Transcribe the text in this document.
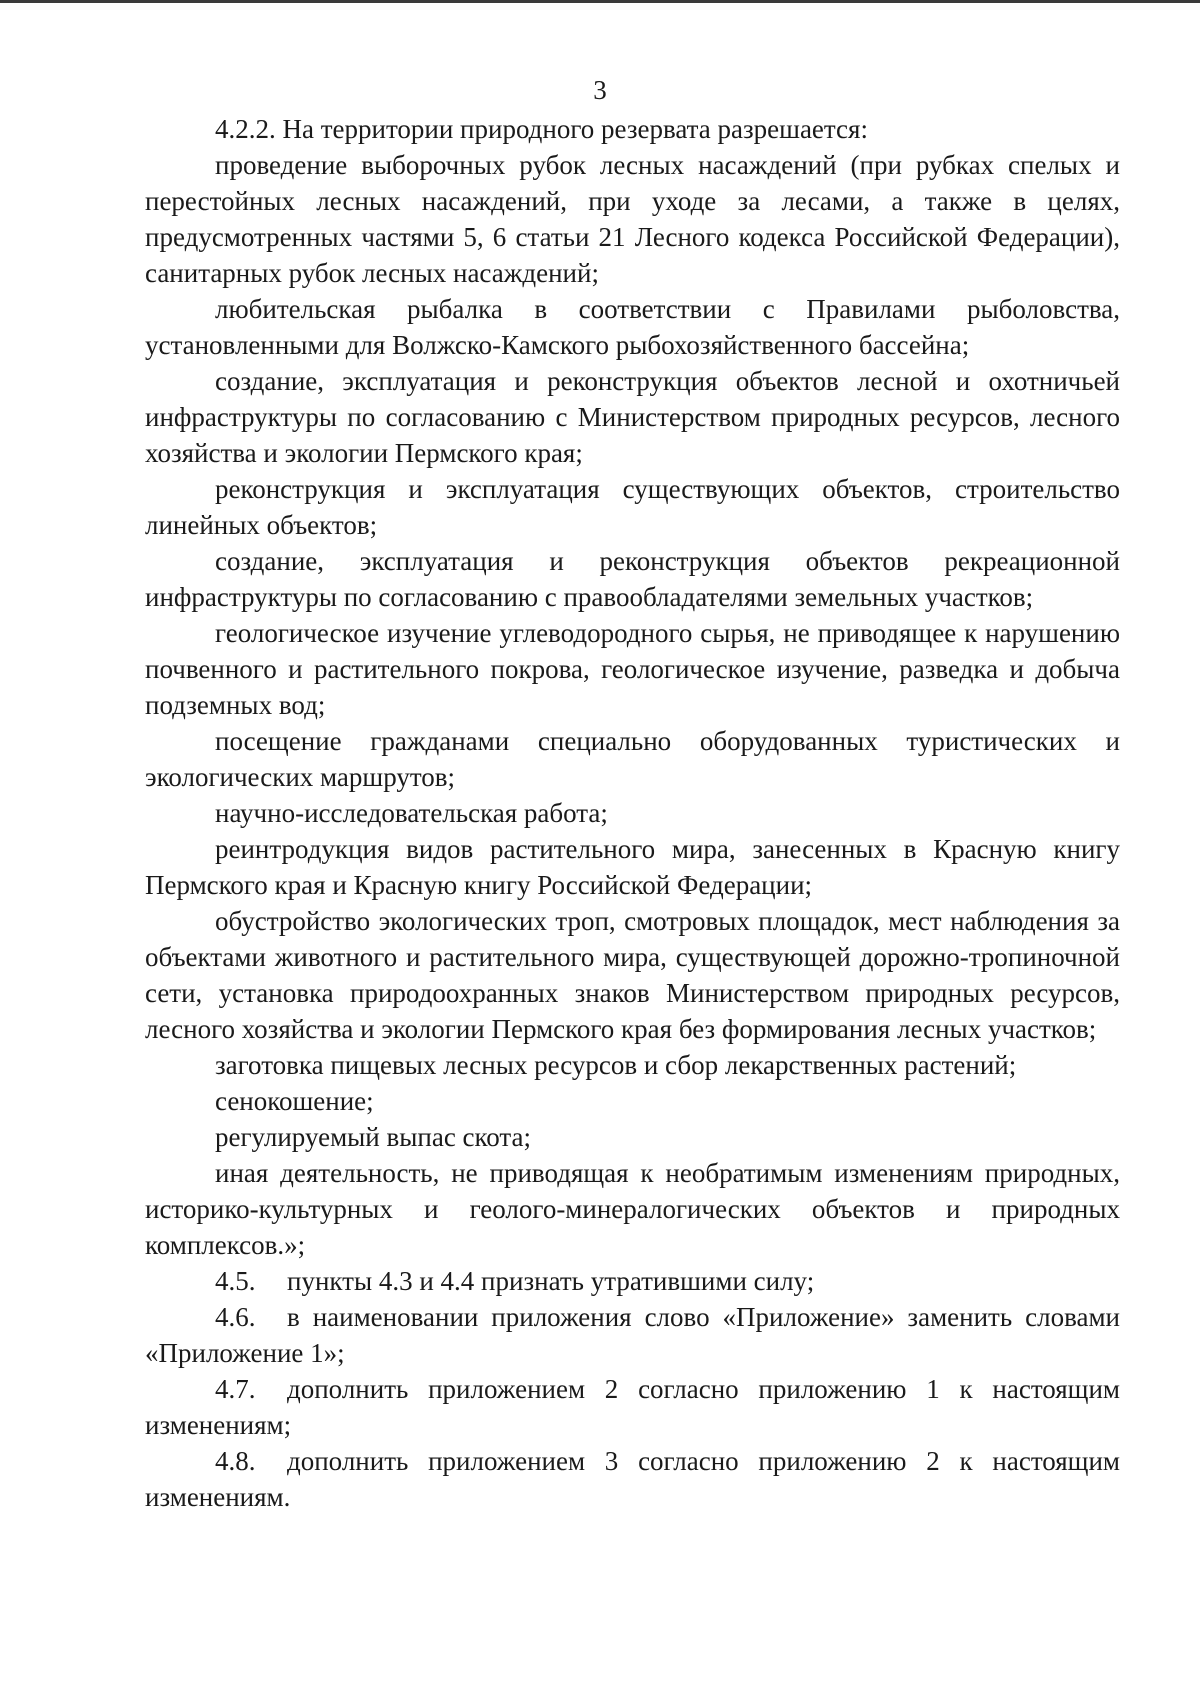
3

4.2.2. На территории природного резервата разрешается:

проведение выборочных рубок лесных насаждений (при рубках спелых и перестойных лесных насаждений, при уходе за лесами, а также в целях, предусмотренных частями 5, 6 статьи 21 Лесного кодекса Российской Федерации), санитарных рубок лесных насаждений;

любительская рыбалка в соответствии с Правилами рыболовства, установленными для Волжско-Камского рыбохозяйственного бассейна;

создание, эксплуатация и реконструкция объектов лесной и охотничьей инфраструктуры по согласованию с Министерством природных ресурсов, лесного хозяйства и экологии Пермского края;

реконструкция и эксплуатация существующих объектов, строительство линейных объектов;

создание, эксплуатация и реконструкция объектов рекреационной инфраструктуры по согласованию с правообладателями земельных участков;

геологическое изучение углеводородного сырья, не приводящее к нарушению почвенного и растительного покрова, геологическое изучение, разведка и добыча подземных вод;

посещение гражданами специально оборудованных туристических и экологических маршрутов;

научно-исследовательская работа;

реинтродукция видов растительного мира, занесенных в Красную книгу Пермского края и Красную книгу Российской Федерации;

обустройство экологических троп, смотровых площадок, мест наблюдения за объектами животного и растительного мира, существующей дорожно-тропиночной сети, установка природоохранных знаков Министерством природных ресурсов, лесного хозяйства и экологии Пермского края без формирования лесных участков;

заготовка пищевых лесных ресурсов и сбор лекарственных растений;

сенокошение;

регулируемый выпас скота;

иная деятельность, не приводящая к необратимым изменениям природных, историко-культурных и геолого-минералогических объектов и природных комплексов.»;

4.5. пункты 4.3 и 4.4 признать утратившими силу;

4.6. в наименовании приложения слово «Приложение» заменить словами «Приложение 1»;

4.7. дополнить приложением 2 согласно приложению 1 к настоящим изменениям;

4.8. дополнить приложением 3 согласно приложению 2 к настоящим изменениям.
